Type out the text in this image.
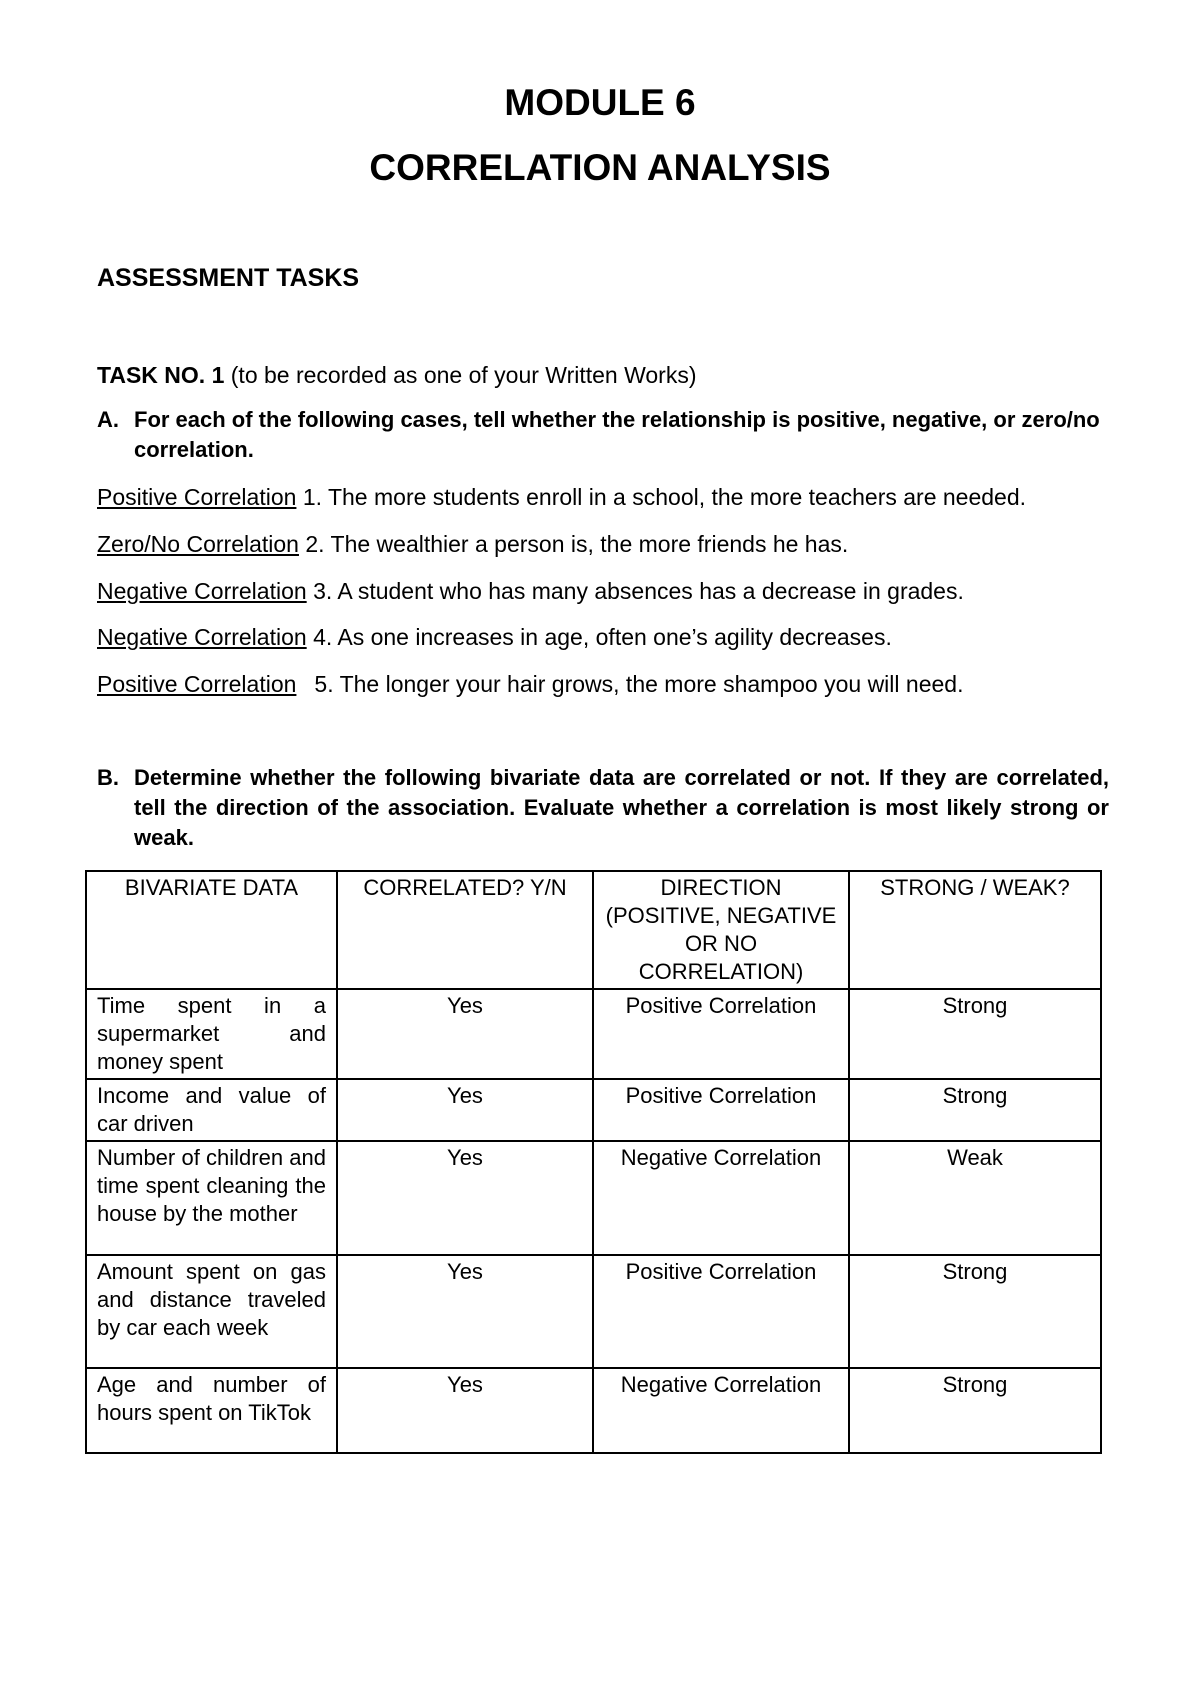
MODULE 6
CORRELATION ANALYSIS
ASSESSMENT TASKS

TASK NO. 1 (to be recorded as one of your Written Works)

A. For each of the following cases, tell whether the relationship is positive, negative, or zero/no correlation.

Positive Correlation 1. The more students enroll in a school, the more teachers are needed.

Zero/No Correlation 2. The wealthier a person is, the more friends he has.

Negative Correlation 3. A student who has many absences has a decrease in grades.

Negative Correlation 4. As one increases in age, often one’s agility decreases.

Positive Correlation 5. The longer your hair grows, the more shampoo you will need.

B. Determine whether the following bivariate data are correlated or not. If they are correlated, tell the direction of the association. Evaluate whether a correlation is most likely strong or weak.
BIVARIATE DATA	CORRELATED? Y/N	DIRECTION (POSITIVE, NEGATIVE OR NO CORRELATION)	STRONG / WEAK?
Time spent in a supermarket and money spent	Yes	Positive Correlation	Strong
Income and value of car driven	Yes	Positive Correlation	Strong
Number of children and time spent cleaning the house by the mother	Yes	Negative Correlation	Weak
Amount spent on gas and distance traveled by car each week	Yes	Positive Correlation	Strong
Age and number of hours spent on TikTok	Yes	Negative Correlation	Strong
